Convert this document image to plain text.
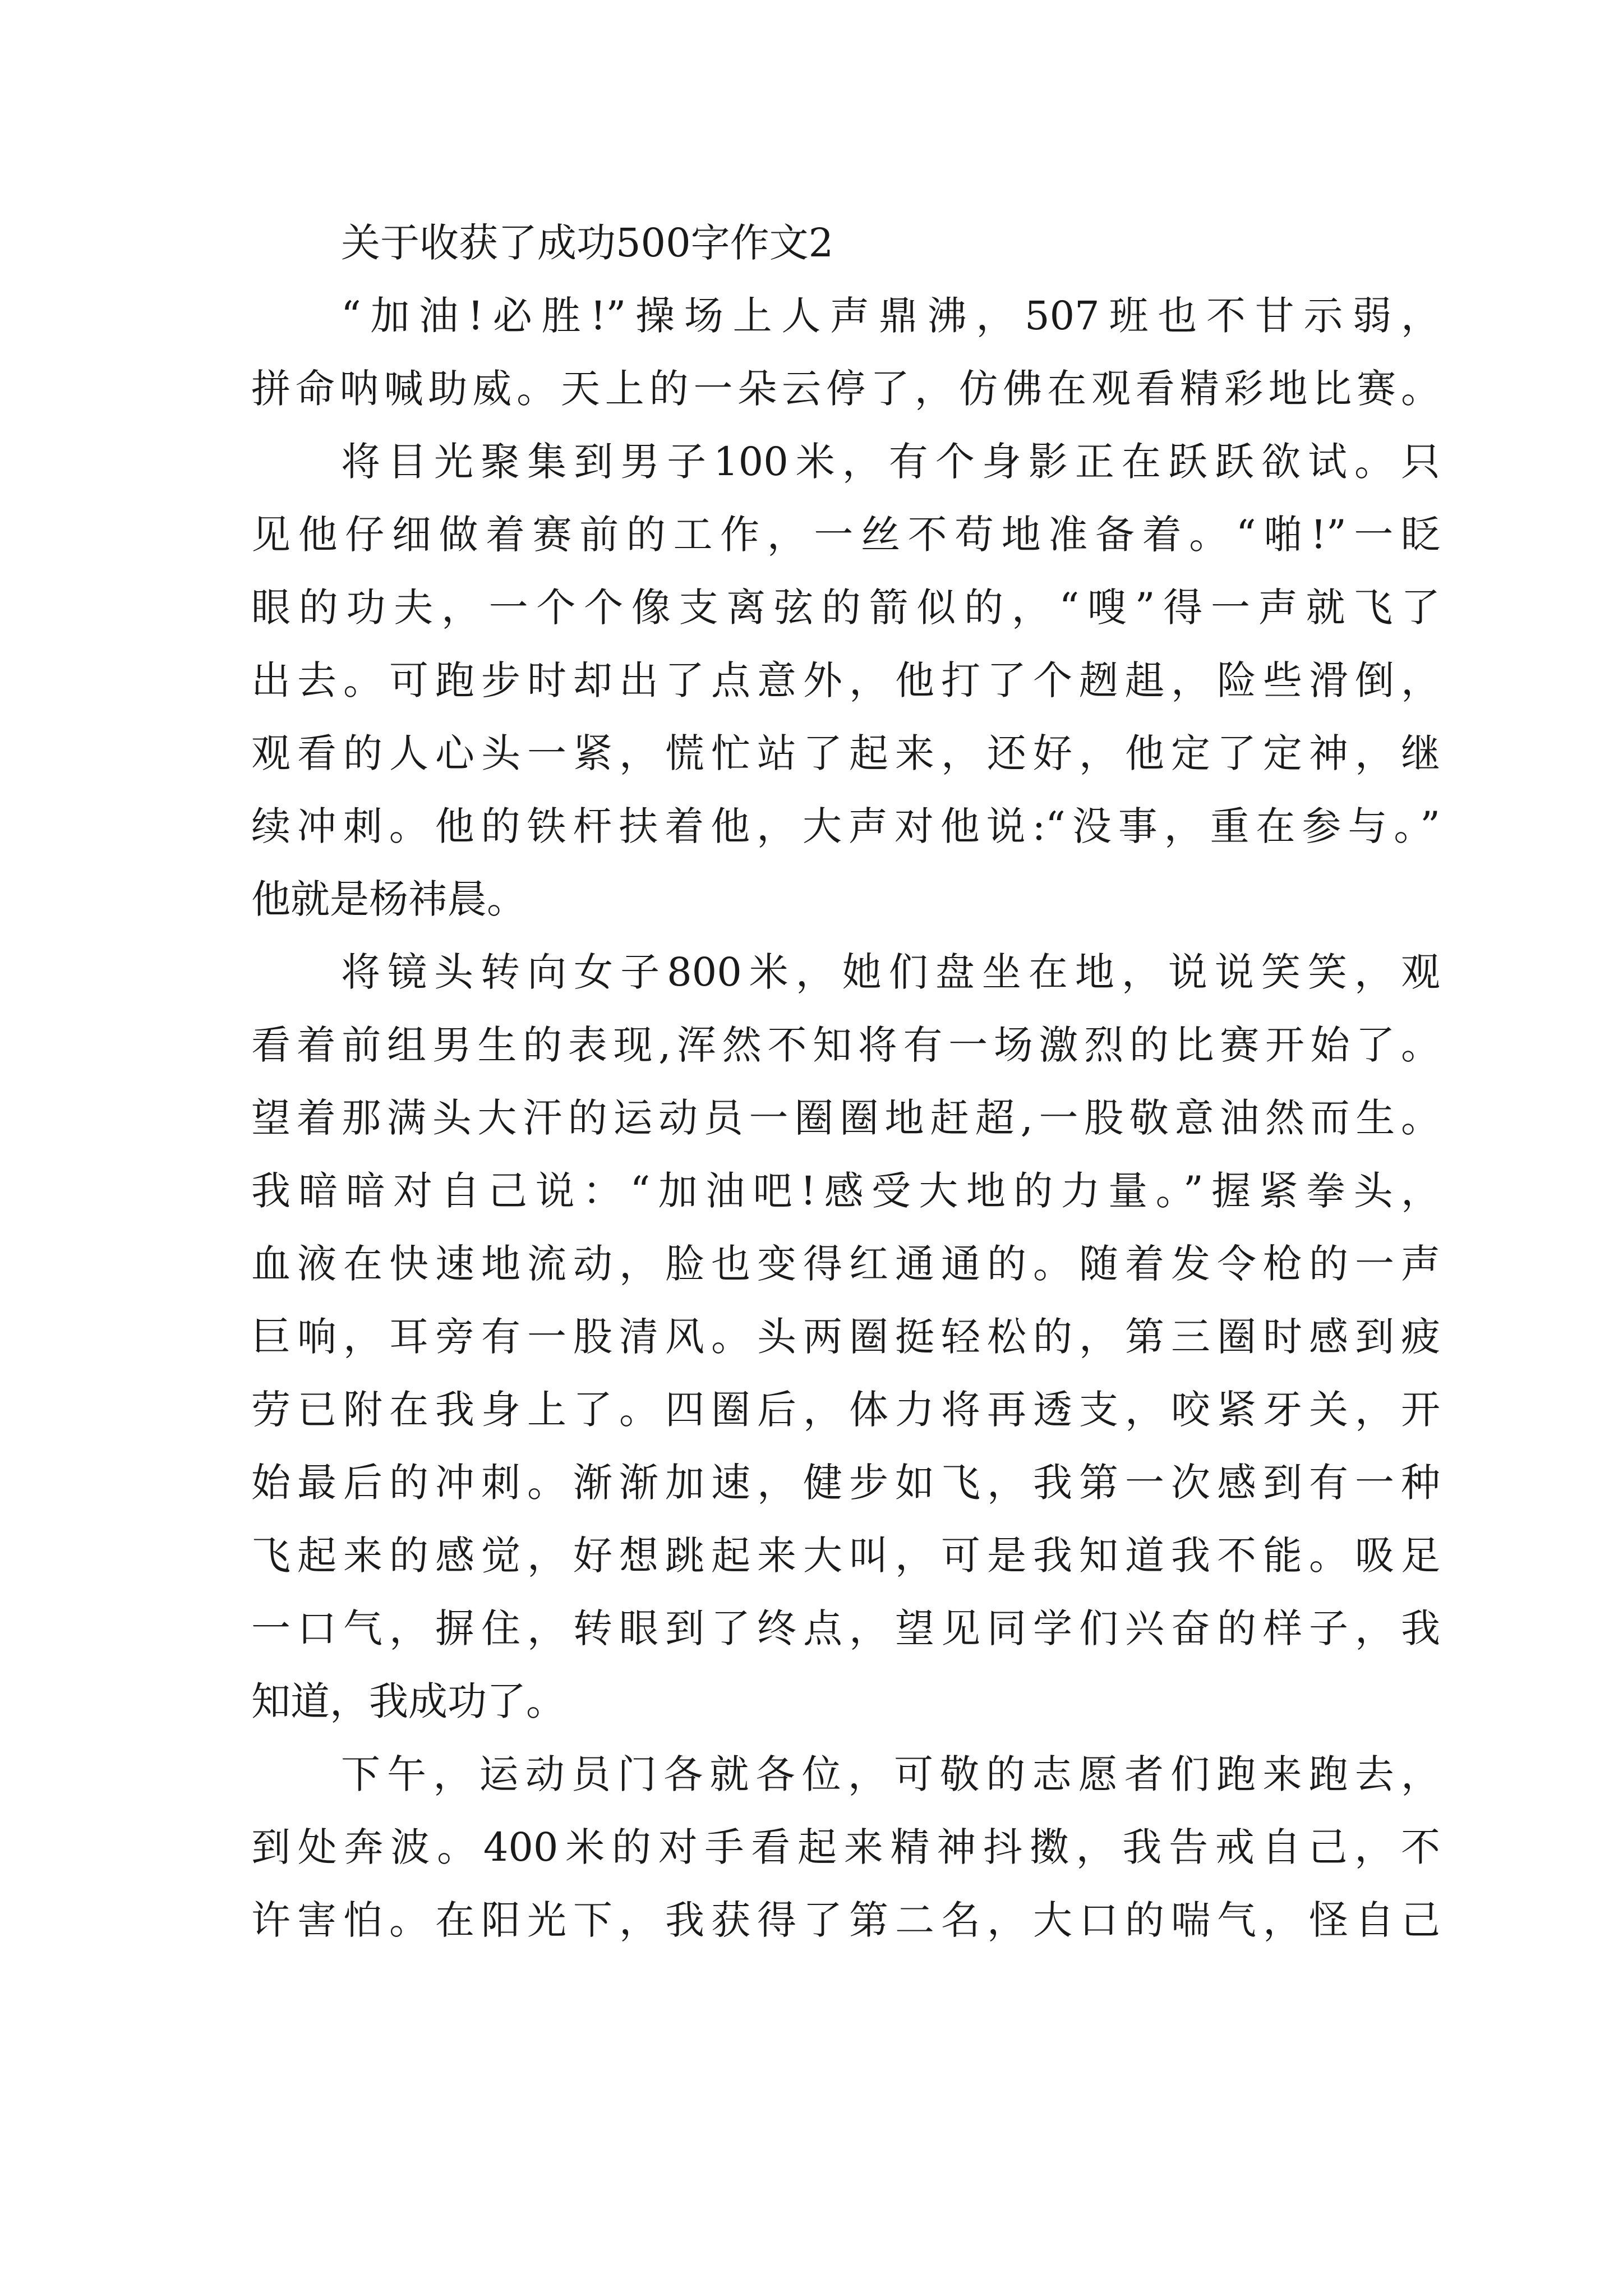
关于收获了成功500字作文2
“加油!必胜!”操场上人声鼎沸，507班也不甘示弱，
拼命呐喊助威。天上的一朵云停了，仿佛在观看精彩地比赛。
将目光聚集到男子100米，有个身影正在跃跃欲试。只
见他仔细做着赛前的工作，一丝不苟地准备着。“啪!”一眨
眼的功夫，一个个像支离弦的箭似的，“嗖”得一声就飞了
出去。可跑步时却出了点意外，他打了个趔趄，险些滑倒，
观看的人心头一紧，慌忙站了起来，还好，他定了定神，继
续冲刺。他的铁杆扶着他，大声对他说:“没事，重在参与。”
他就是杨祎晨。
将镜头转向女子800米，她们盘坐在地，说说笑笑，观
看着前组男生的表现,浑然不知将有一场激烈的比赛开始了。
望着那满头大汗的运动员一圈圈地赶超,一股敬意油然而生。
我暗暗对自己说：“加油吧!感受大地的力量。”握紧拳头，
血液在快速地流动，脸也变得红通通的。随着发令枪的一声
巨响，耳旁有一股清风。头两圈挺轻松的，第三圈时感到疲
劳已附在我身上了。四圈后，体力将再透支，咬紧牙关，开
始最后的冲刺。渐渐加速，健步如飞，我第一次感到有一种
飞起来的感觉，好想跳起来大叫，可是我知道我不能。吸足
一口气，摒住，转眼到了终点，望见同学们兴奋的样子，我
知道，我成功了。
下午，运动员门各就各位，可敬的志愿者们跑来跑去，
到处奔波。400米的对手看起来精神抖擞，我告戒自己，不
许害怕。在阳光下，我获得了第二名，大口的喘气，怪自己
